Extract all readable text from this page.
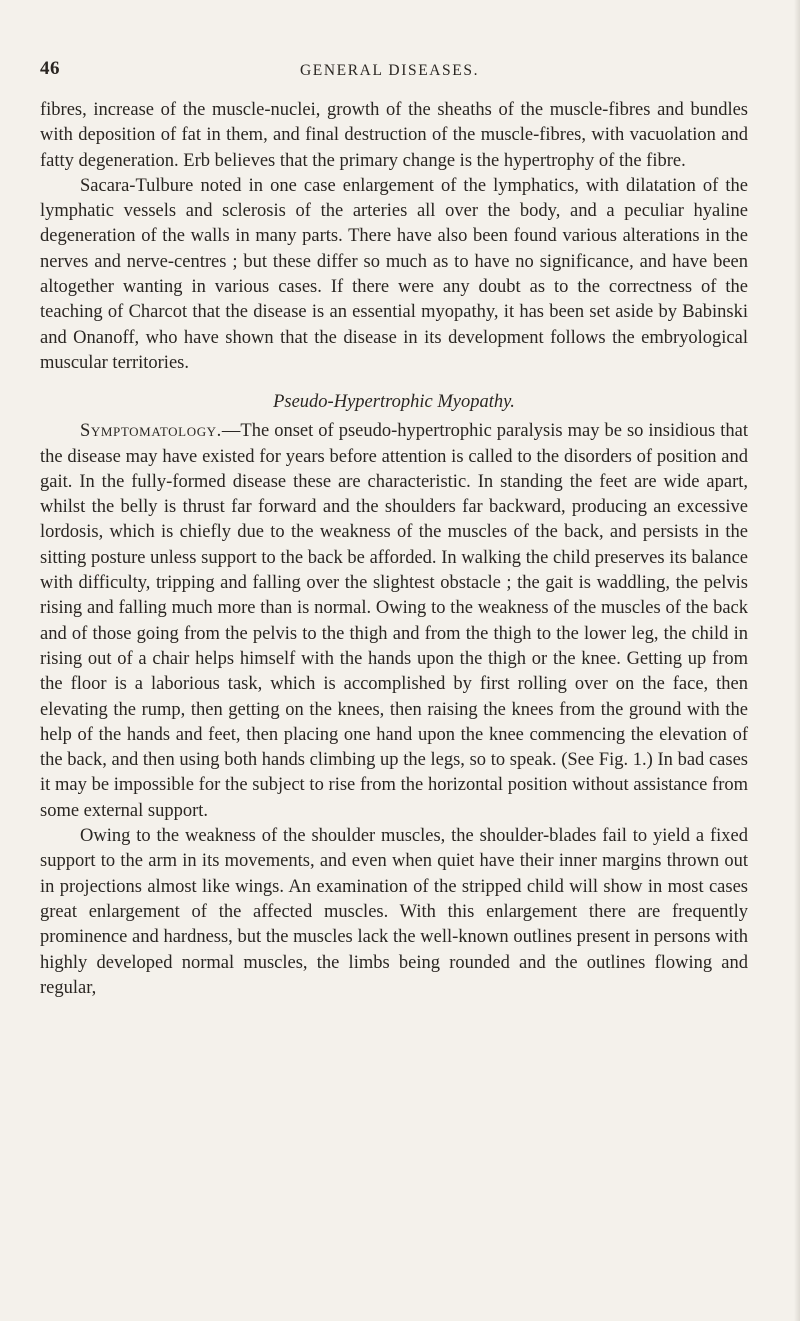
46	GENERAL DISEASES.

fibres, increase of the muscle-nuclei, growth of the sheaths of the muscle-fibres and bundles with deposition of fat in them, and final destruction of the muscle-fibres, with vacuolation and fatty degeneration. Erb believes that the primary change is the hypertrophy of the fibre.

Sacara-Tulbure noted in one case enlargement of the lymphatics, with dilatation of the lymphatic vessels and sclerosis of the arteries all over the body, and a peculiar hyaline degeneration of the walls in many parts. There have also been found various alterations in the nerves and nerve-centres ; but these differ so much as to have no significance, and have been altogether wanting in various cases. If there were any doubt as to the correctness of the teaching of Charcot that the disease is an essential myopathy, it has been set aside by Babinski and Onanoff, who have shown that the disease in its development follows the embryological muscular territories.

Pseudo-Hypertrophic Myopathy.

Symptomatology.—The onset of pseudo-hypertrophic paralysis may be so insidious that the disease may have existed for years before attention is called to the disorders of position and gait. In the fully-formed disease these are characteristic. In standing the feet are wide apart, whilst the belly is thrust far forward and the shoulders far backward, producing an excessive lordosis, which is chiefly due to the weakness of the muscles of the back, and persists in the sitting posture unless support to the back be afforded. In walking the child preserves its balance with difficulty, tripping and falling over the slightest obstacle ; the gait is waddling, the pelvis rising and falling much more than is normal. Owing to the weakness of the muscles of the back and of those going from the pelvis to the thigh and from the thigh to the lower leg, the child in rising out of a chair helps himself with the hands upon the thigh or the knee. Getting up from the floor is a laborious task, which is accomplished by first rolling over on the face, then elevating the rump, then getting on the knees, then raising the knees from the ground with the help of the hands and feet, then placing one hand upon the knee commencing the elevation of the back, and then using both hands climbing up the legs, so to speak. (See Fig. 1.) In bad cases it may be impossible for the subject to rise from the horizontal position without assistance from some external support.

Owing to the weakness of the shoulder muscles, the shoulder-blades fail to yield a fixed support to the arm in its movements, and even when quiet have their inner margins thrown out in projections almost like wings. An examination of the stripped child will show in most cases great enlargement of the affected muscles. With this enlargement there are frequently prominence and hardness, but the muscles lack the well-known outlines present in persons with highly developed normal muscles, the limbs being rounded and the outlines flowing and regular,
